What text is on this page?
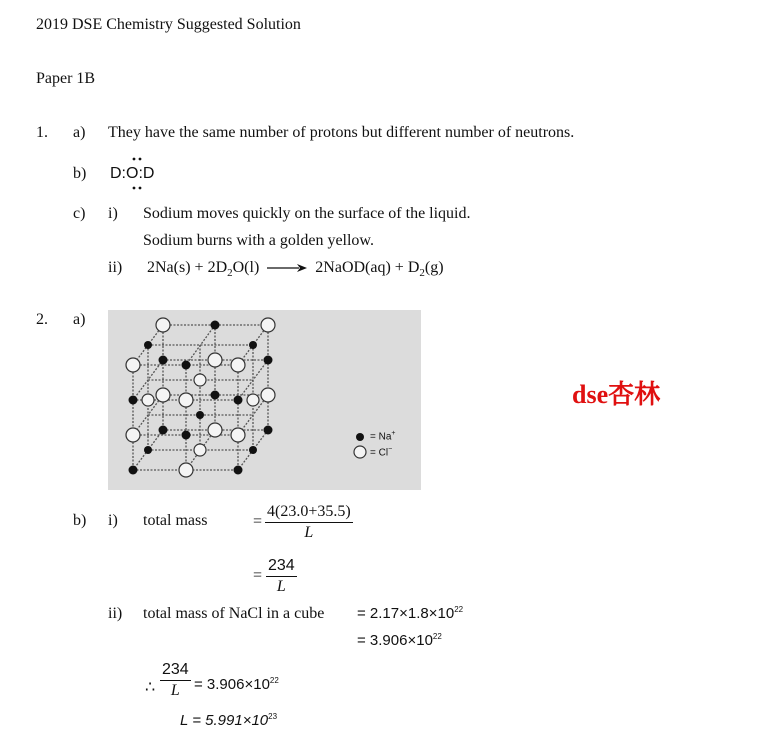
2019 DSE Chemistry Suggested Solution
Paper 1B
1. a) They have the same number of protons but different number of neutrons.
b) D:O:D
c) i) Sodium moves quickly on the surface of the liquid.
Sodium burns with a golden yellow.
ii) $2Na(s) + 2D_2O(l)$ → 2NaOD(aq) + $D_2(g)$
2. a)
= Na+
= Cl−
dse杏林
b) i) total mass	= $\frac{4(23.0+35.5)}{L}$
= $\frac{234}{L}$
ii) total mass of NaCl in a cube = $2.17\times 1.8\times 10^{22}$
= $3.906\times 10^{22}$
∴ $\frac{234}{L} = 3.906\times 10^{22}$
$L = 5.991\times 10^{23}$
